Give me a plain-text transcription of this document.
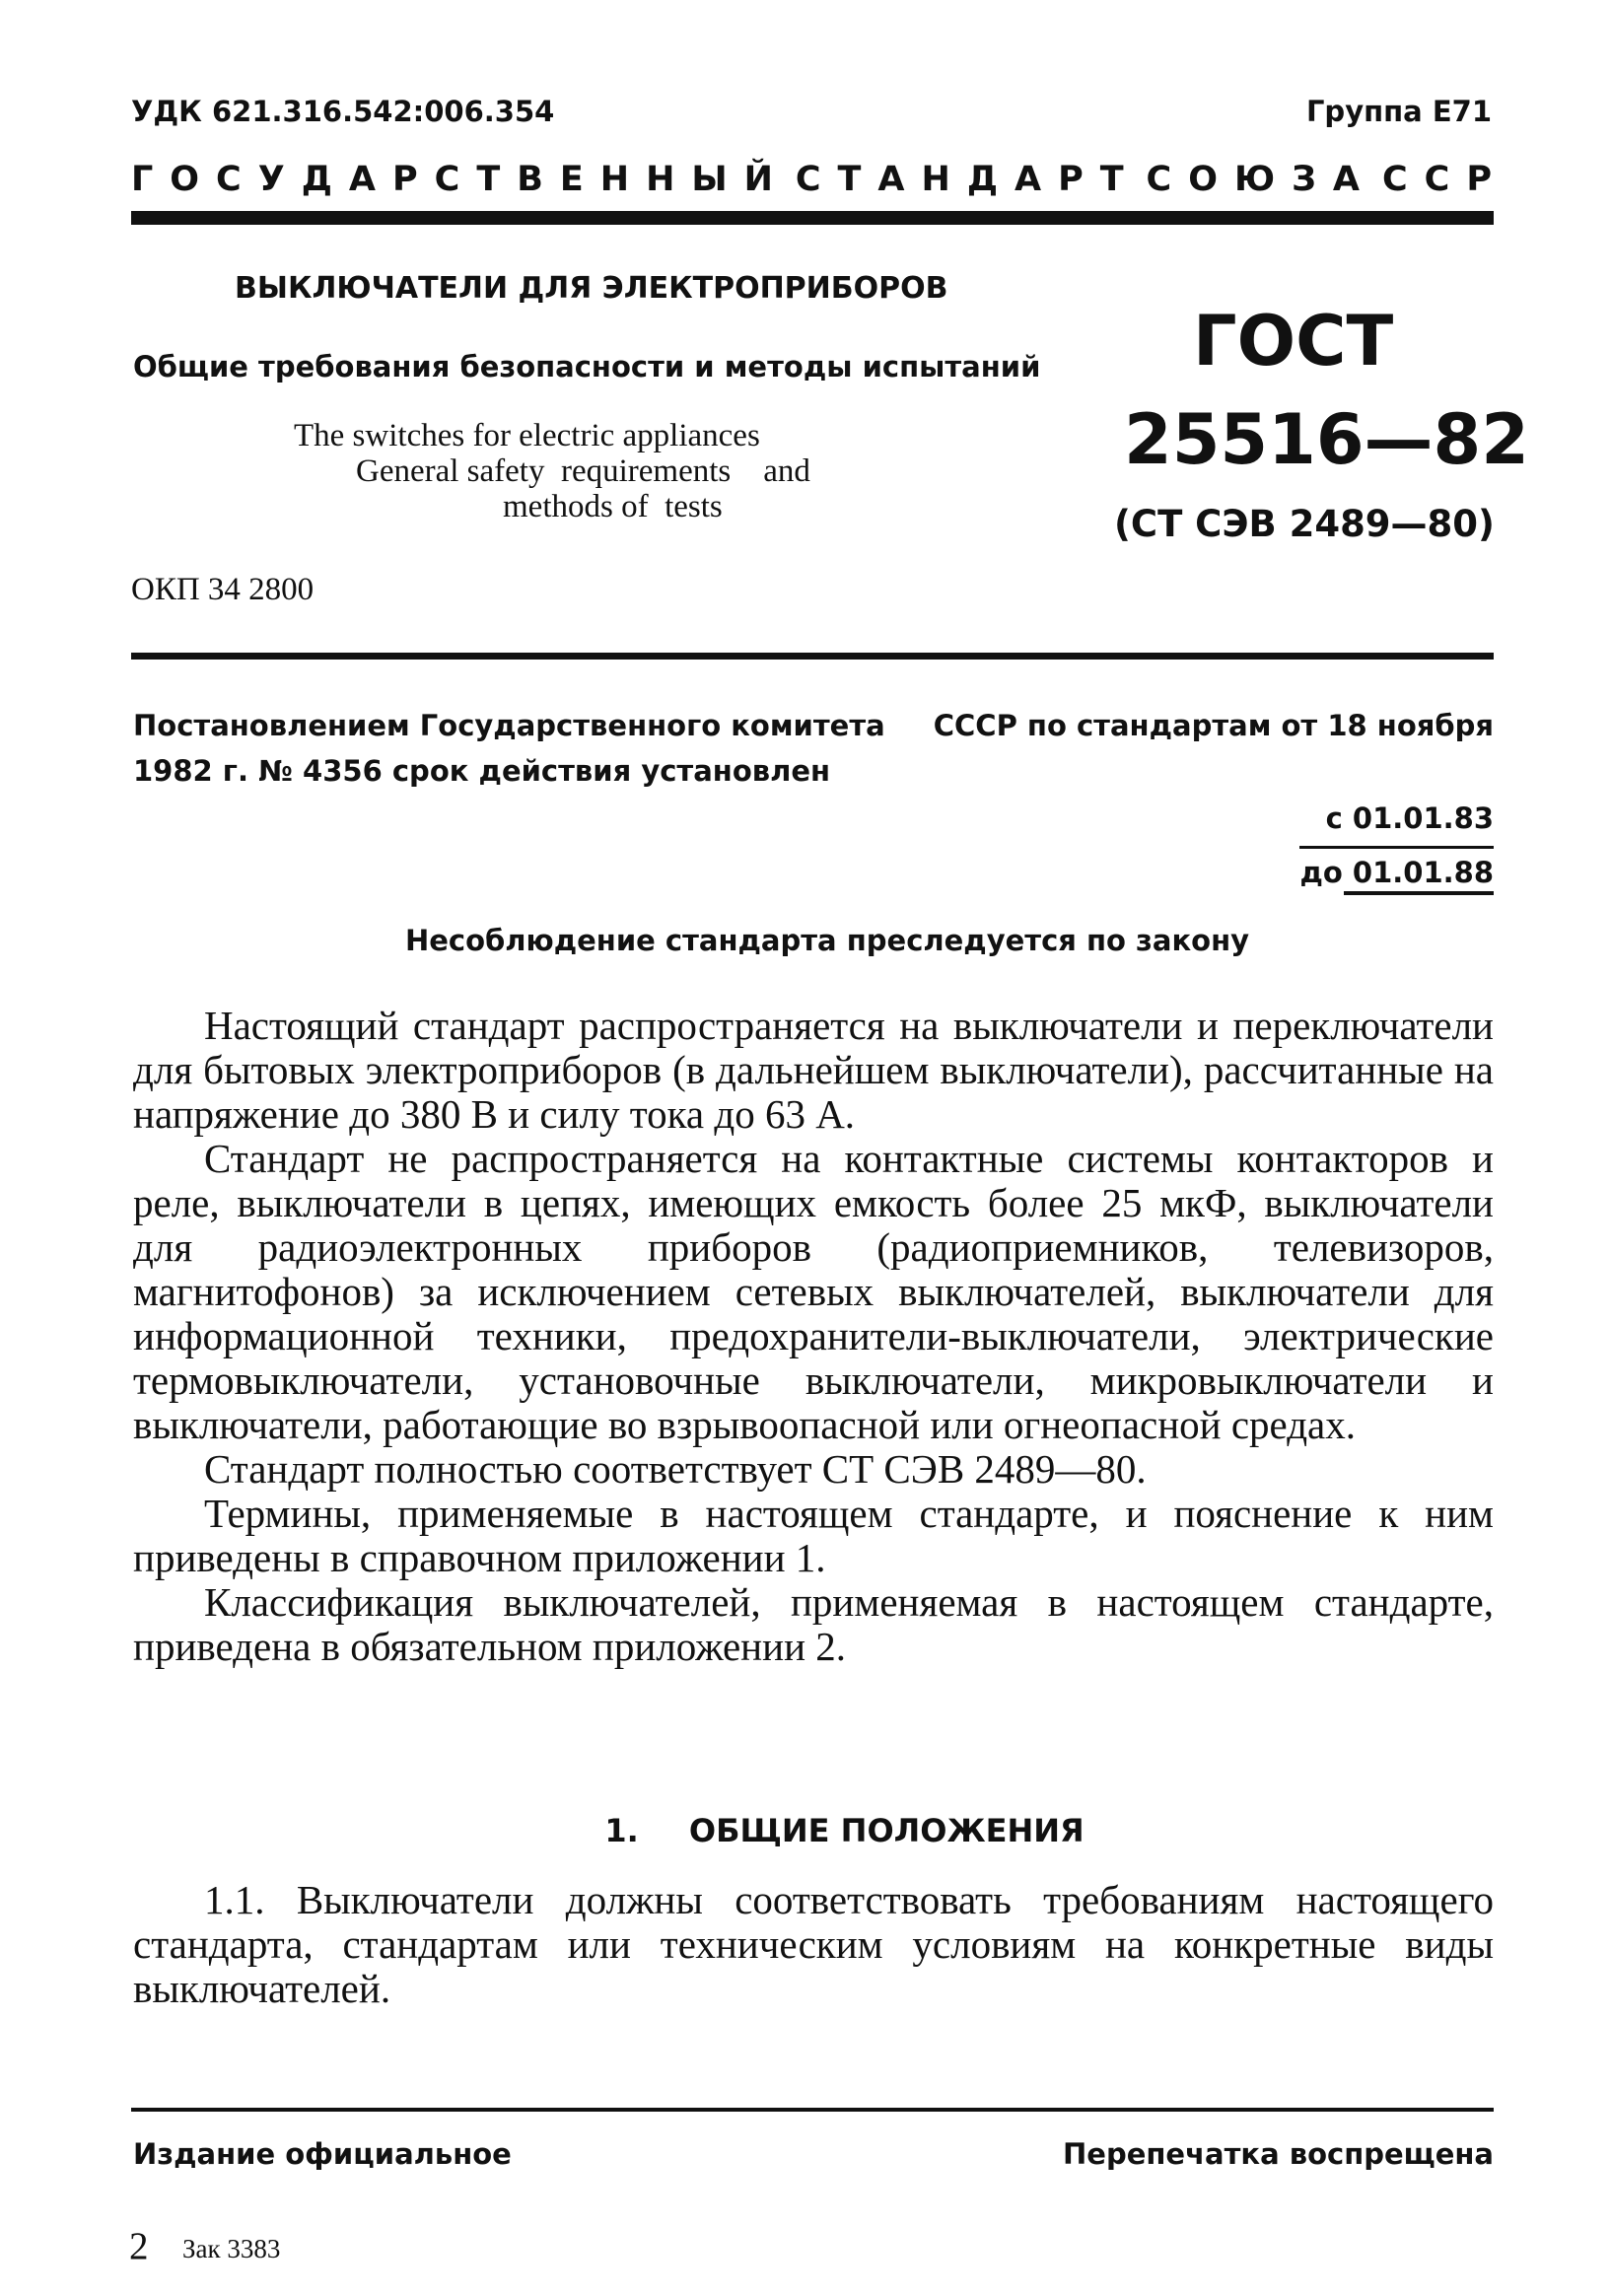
УДК 621.316.542:006.354	Группа Е71
ГОСУДАРСТВЕННЫЙ СТАНДАРТ СОЮЗА ССР
ВЫКЛЮЧАТЕЛИ ДЛЯ ЭЛЕКТРОПРИБОРОВ
Общие требования безопасности и методы испытаний
The switches for electric appliances
General safety  requirements    and
methods of  tests
ОКП 34 2800
ГОСТ
25516—82
(СТ СЭВ 2489—80)
Постановлением Государственного комитета СССР по стандартам от 18 ноября
1982 г. № 4356 срок действия установлен
с 01.01.83
до 01.01.88
Несоблюдение стандарта преследуется по закону

Настоящий стандарт распространяется на выключатели и переключатели для бытовых электроприборов (в дальнейшем выключатели), рассчитанные на напряжение до 380 В и силу тока до 63 А.

Стандарт не распространяется на контактные системы контакторов и реле, выключатели в цепях, имеющих емкость более 25 мкФ, выключатели для радиоэлектронных приборов (радиоприемников, телевизоров, магнитофонов) за исключением сетевых выключателей, выключатели для информационной техники, предохранители-выключатели, электрические термовыключатели, установочные выключатели, микровыключатели и выключатели, работающие во взрывоопасной или огнеопасной средах.

Стандарт полностью соответствует СТ СЭВ 2489—80.

Термины, применяемые в настоящем стандарте, и пояснение к ним приведены в справочном приложении 1.

Классификация выключателей, применяемая в настоящем стандарте, приведена в обязательном приложении 2.

1. ОБЩИЕ ПОЛОЖЕНИЯ

1.1. Выключатели должны соответствовать требованиям настоящего стандарта, стандартам или техническим условиям на конкретные виды выключателей.

Издание официальное	Перепечатка воспрещена
2 Зак 3383
